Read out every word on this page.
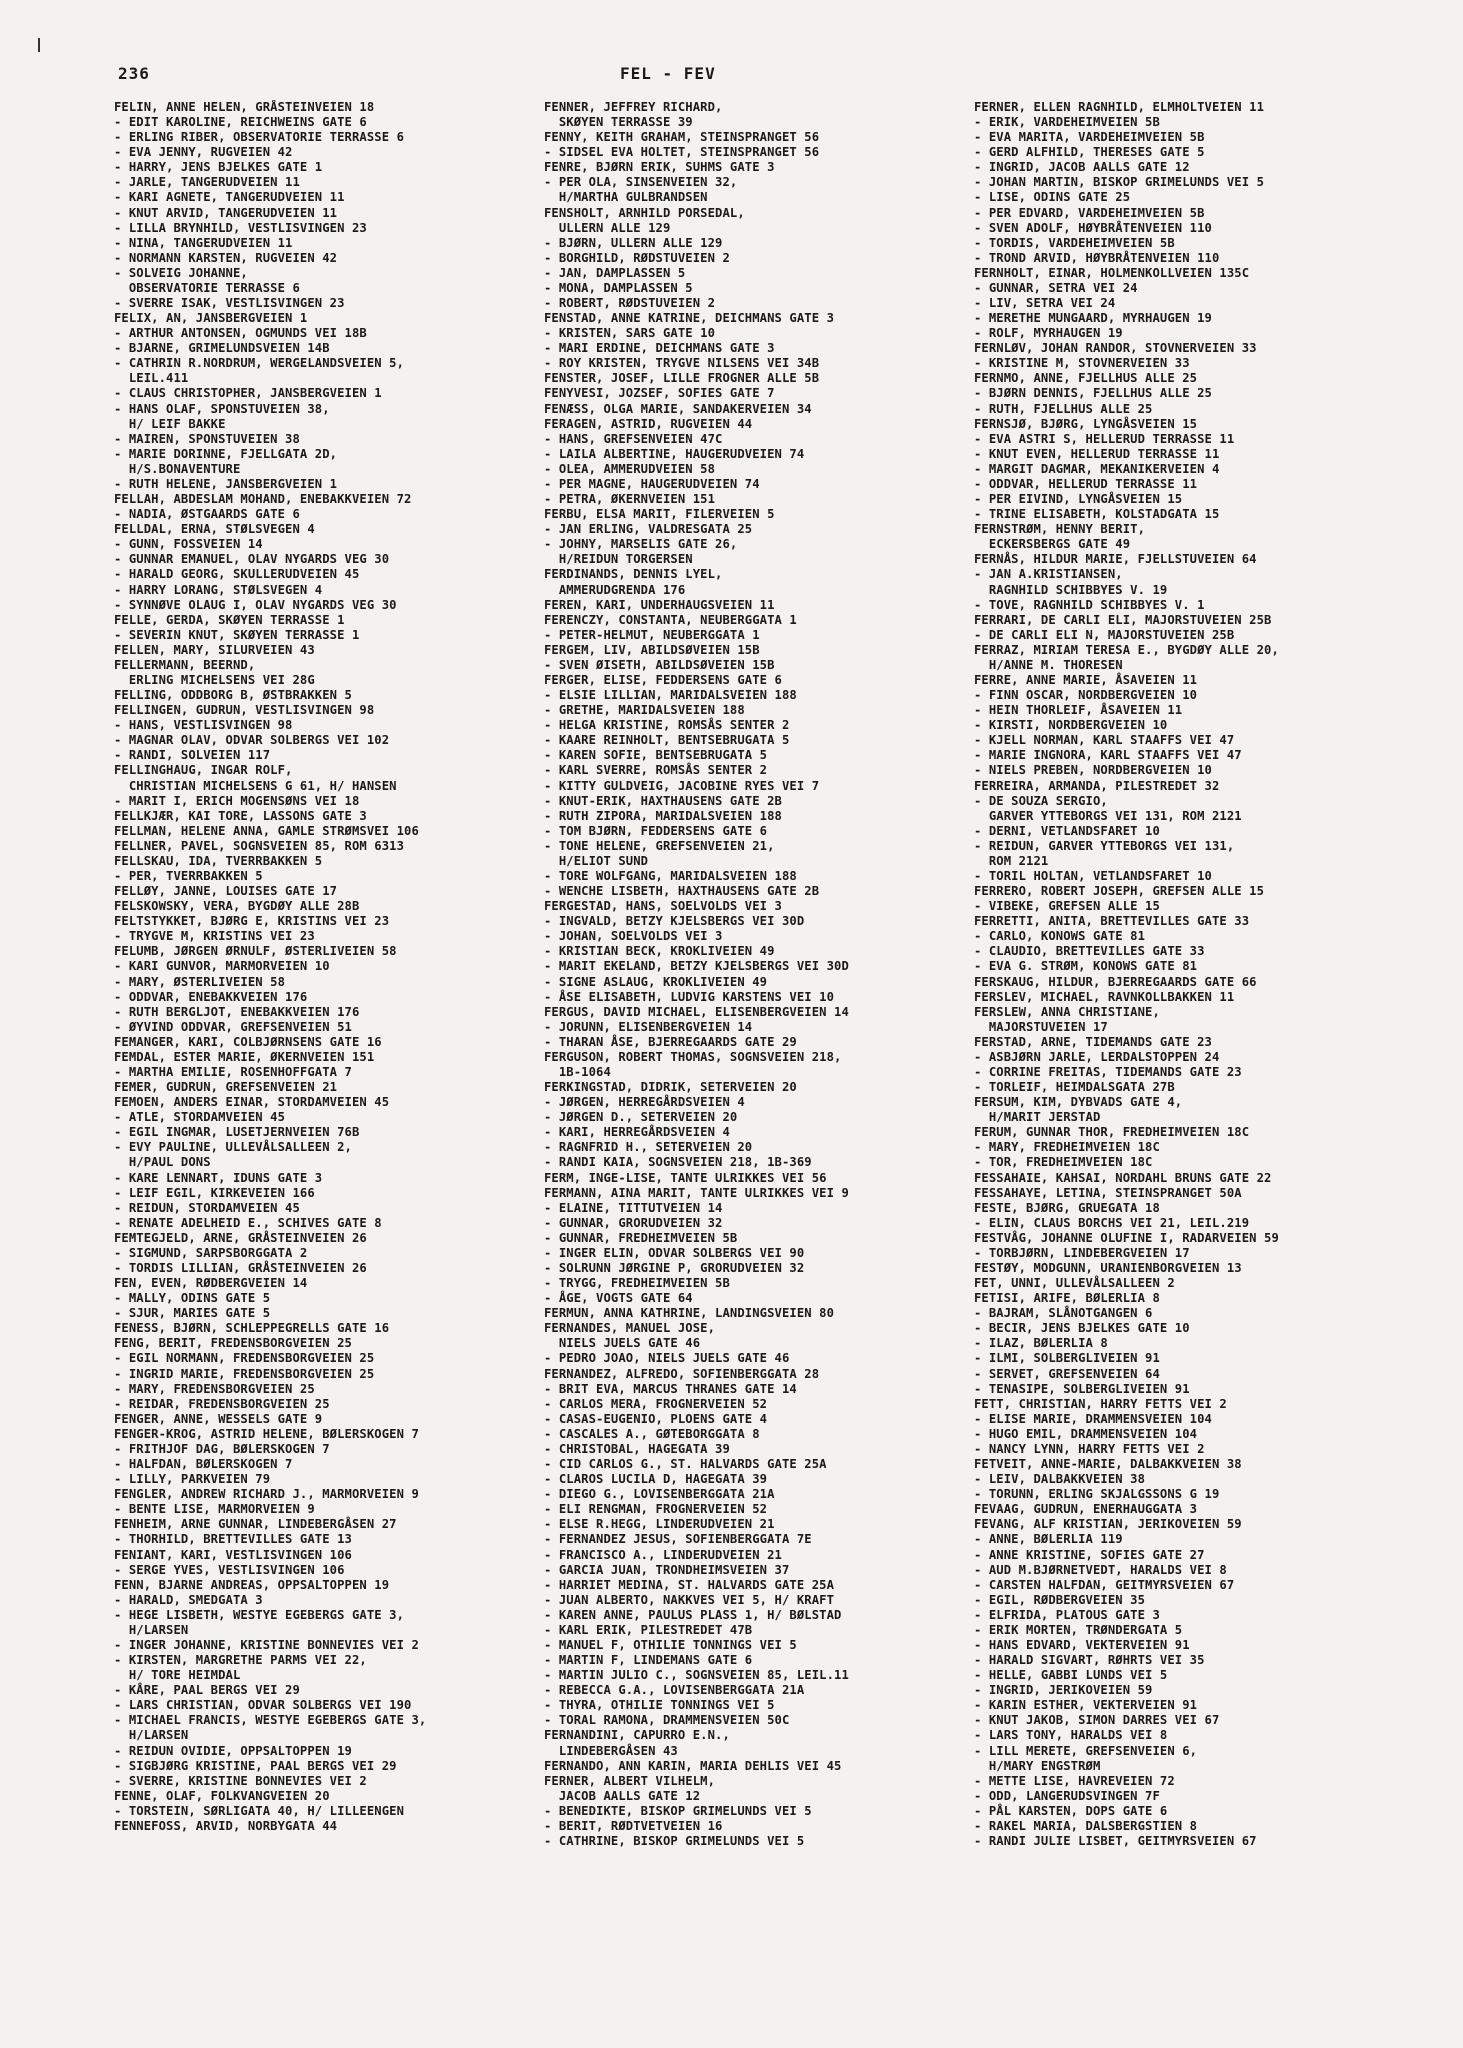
236	FEL - FEV
FELIN, ANNE HELEN, GRÅSTEINVEIEN 18
- EDIT KAROLINE, REICHWEINS GATE 6
- ERLING RIBER, OBSERVATORIE TERRASSE 6
- EVA JENNY, RUGVEIEN 42
- HARRY, JENS BJELKES GATE 1
- JARLE, TANGERUDVEIEN 11
- KARI AGNETE, TANGERUDVEIEN 11
- KNUT ARVID, TANGERUDVEIEN 11
- LILLA BRYNHILD, VESTLISVINGEN 23
- NINA, TANGERUDVEIEN 11
- NORMANN KARSTEN, RUGVEIEN 42
- SOLVEIG JOHANNE,
OBSERVATORIE TERRASSE 6
- SVERRE ISAK, VESTLISVINGEN 23
FELIX, AN, JANSBERGVEIEN 1
- ARTHUR ANTONSEN, OGMUNDS VEI 18B
- BJARNE, GRIMELUNDSVEIEN 14B
- CATHRIN R.NORDRUM, WERGELANDSVEIEN 5,
LEIL.411
- CLAUS CHRISTOPHER, JANSBERGVEIEN 1
- HANS OLAF, SPONSTUVEIEN 38,
H/ LEIF BAKKE
- MAIREN, SPONSTUVEIEN 38
- MARIE DORINNE, FJELLGATA 2D,
H/S.BONAVENTURE
- RUTH HELENE, JANSBERGVEIEN 1
FELLAH, ABDESLAM MOHAND, ENEBAKKVEIEN 72
- NADIA, ØSTGAARDS GATE 6
FELLDAL, ERNA, STØLSVEGEN 4
- GUNN, FOSSVEIEN 14
- GUNNAR EMANUEL, OLAV NYGARDS VEG 30
- HARALD GEORG, SKULLERUDVEIEN 45
- HARRY LORANG, STØLSVEGEN 4
- SYNNØVE OLAUG I, OLAV NYGARDS VEG 30
FELLE, GERDA, SKØYEN TERRASSE 1
- SEVERIN KNUT, SKØYEN TERRASSE 1
FELLEN, MARY, SILURVEIEN 43
FELLERMANN, BEERND,
ERLING MICHELSENS VEI 28G
FELLING, ODDBORG B, ØSTBRAKKEN 5
FELLINGEN, GUDRUN, VESTLISVINGEN 98
- HANS, VESTLISVINGEN 98
- MAGNAR OLAV, ODVAR SOLBERGS VEI 102
- RANDI, SOLVEIEN 117
FELLINGHAUG, INGAR ROLF,
CHRISTIAN MICHELSENS G 61, H/ HANSEN
- MARIT I, ERICH MOGENSØNS VEI 18
FELLKJÆR, KAI TORE, LASSONS GATE 3
FELLMAN, HELENE ANNA, GAMLE STRØMSVEI 106
FELLNER, PAVEL, SOGNSVEIEN 85, ROM 6313
FELLSKAU, IDA, TVERRBAKKEN 5
- PER, TVERRBAKKEN 5
FELLØY, JANNE, LOUISES GATE 17
FELSKOWSKY, VERA, BYGDØY ALLE 28B
FELTSTYKKET, BJØRG E, KRISTINS VEI 23
- TRYGVE M, KRISTINS VEI 23
FELUMB, JØRGEN ØRNULF, ØSTERLIVEIEN 58
- KARI GUNVOR, MARMORVEIEN 10
- MARY, ØSTERLIVEIEN 58
- ODDVAR, ENEBAKKVEIEN 176
- RUTH BERGLJOT, ENEBAKKVEIEN 176
- ØYVIND ODDVAR, GREFSENVEIEN 51
FEMANGER, KARI, COLBJØRNSENS GATE 16
FEMDAL, ESTER MARIE, ØKERNVEIEN 151
- MARTHA EMILIE, ROSENHOFFGATA 7
FEMER, GUDRUN, GREFSENVEIEN 21
FEMOEN, ANDERS EINAR, STORDAMVEIEN 45
- ATLE, STORDAMVEIEN 45
- EGIL INGMAR, LUSETJERNVEIEN 76B
- EVY PAULINE, ULLEVÅLSALLEEN 2,
H/PAUL DONS
- KARE LENNART, IDUNS GATE 3
- LEIF EGIL, KIRKEVEIEN 166
- REIDUN, STORDAMVEIEN 45
- RENATE ADELHEID E., SCHIVES GATE 8
FEMTEGJELD, ARNE, GRÅSTEINVEIEN 26
- SIGMUND, SARPSBORGGATA 2
- TORDIS LILLIAN, GRÅSTEINVEIEN 26
FEN, EVEN, RØDBERGVEIEN 14
- MALLY, ODINS GATE 5
- SJUR, MARIES GATE 5
FENESS, BJØRN, SCHLEPPEGRELLS GATE 16
FENG, BERIT, FREDENSBORGVEIEN 25
- EGIL NORMANN, FREDENSBORGVEIEN 25
- INGRID MARIE, FREDENSBORGVEIEN 25
- MARY, FREDENSBORGVEIEN 25
- REIDAR, FREDENSBORGVEIEN 25
FENGER, ANNE, WESSELS GATE 9
FENGER-KROG, ASTRID HELENE, BØLERSKOGEN 7
- FRITHJOF DAG, BØLERSKOGEN 7
- HALFDAN, BØLERSKOGEN 7
- LILLY, PARKVEIEN 79
FENGLER, ANDREW RICHARD J., MARMORVEIEN 9
- BENTE LISE, MARMORVEIEN 9
FENHEIM, ARNE GUNNAR, LINDEBERGÅSEN 27
- THORHILD, BRETTEVILLES GATE 13
FENIANT, KARI, VESTLISVINGEN 106
- SERGE YVES, VESTLISVINGEN 106
FENN, BJARNE ANDREAS, OPPSALTOPPEN 19
- HARALD, SMEDGATA 3
- HEGE LISBETH, WESTYE EGEBERGS GATE 3,
H/LARSEN
- INGER JOHANNE, KRISTINE BONNEVIES VEI 2
- KIRSTEN, MARGRETHE PARMS VEI 22,
H/ TORE HEIMDAL
- KÅRE, PAAL BERGS VEI 29
- LARS CHRISTIAN, ODVAR SOLBERGS VEI 190
- MICHAEL FRANCIS, WESTYE EGEBERGS GATE 3,
H/LARSEN
- REIDUN OVIDIE, OPPSALTOPPEN 19
- SIGBJØRG KRISTINE, PAAL BERGS VEI 29
- SVERRE, KRISTINE BONNEVIES VEI 2
FENNE, OLAF, FOLKVANGVEIEN 20
- TORSTEIN, SØRLIGATA 40, H/ LILLEENGEN
FENNEFOSS, ARVID, NORBYGATA 44
FENNER, JEFFREY RICHARD,
SKØYEN TERRASSE 39
FENNY, KEITH GRAHAM, STEINSPRANGET 56
- SIDSEL EVA HOLTET, STEINSPRANGET 56
FENRE, BJØRN ERIK, SUHMS GATE 3
- PER OLA, SINSENVEIEN 32,
H/MARTHA GULBRANDSEN
FENSHOLT, ARNHILD PORSEDAL,
ULLERN ALLE 129
- BJØRN, ULLERN ALLE 129
- BORGHILD, RØDSTUVEIEN 2
- JAN, DAMPLASSEN 5
- MONA, DAMPLASSEN 5
- ROBERT, RØDSTUVEIEN 2
FENSTAD, ANNE KATRINE, DEICHMANS GATE 3
- KRISTEN, SARS GATE 10
- MARI ERDINE, DEICHMANS GATE 3
- ROY KRISTEN, TRYGVE NILSENS VEI 34B
FENSTER, JOSEF, LILLE FROGNER ALLE 5B
FENYVESI, JOZSEF, SOFIES GATE 7
FENÆSS, OLGA MARIE, SANDAKERVEIEN 34
FERAGEN, ASTRID, RUGVEIEN 44
- HANS, GREFSENVEIEN 47C
- LAILA ALBERTINE, HAUGERUDVEIEN 74
- OLEA, AMMERUDVEIEN 58
- PER MAGNE, HAUGERUDVEIEN 74
- PETRA, ØKERNVEIEN 151
FERBU, ELSA MARIT, FILERVEIEN 5
- JAN ERLING, VALDRESGATA 25
- JOHNY, MARSELIS GATE 26,
H/REIDUN TORGERSEN
FERDINANDS, DENNIS LYEL,
AMMERUDGRENDA 176
FEREN, KARI, UNDERHAUGSVEIEN 11
FERENCZY, CONSTANTA, NEUBERGGATA 1
- PETER-HELMUT, NEUBERGGATA 1
FERGEM, LIV, ABILDSØVEIEN 15B
- SVEN ØISETH, ABILDSØVEIEN 15B
FERGER, ELISE, FEDDERSENS GATE 6
- ELSIE LILLIAN, MARIDALSVEIEN 188
- GRETHE, MARIDALSVEIEN 188
- HELGA KRISTINE, ROMSÅS SENTER 2
- KAARE REINHOLT, BENTSEBRUGATA 5
- KAREN SOFIE, BENTSEBRUGATA 5
- KARL SVERRE, ROMSÅS SENTER 2
- KITTY GULDVEIG, JACOBINE RYES VEI 7
- KNUT-ERIK, HAXTHAUSENS GATE 2B
- RUTH ZIPORA, MARIDALSVEIEN 188
- TOM BJØRN, FEDDERSENS GATE 6
- TONE HELENE, GREFSENVEIEN 21,
H/ELIOT SUND
- TORE WOLFGANG, MARIDALSVEIEN 188
- WENCHE LISBETH, HAXTHAUSENS GATE 2B
FERGESTAD, HANS, SOELVOLDS VEI 3
- INGVALD, BETZY KJELSBERGS VEI 30D
- JOHAN, SOELVOLDS VEI 3
- KRISTIAN BECK, KROKLIVEIEN 49
- MARIT EKELAND, BETZY KJELSBERGS VEI 30D
- SIGNE ASLAUG, KROKLIVEIEN 49
- ÅSE ELISABETH, LUDVIG KARSTENS VEI 10
FERGUS, DAVID MICHAEL, ELISENBERGVEIEN 14
- JORUNN, ELISENBERGVEIEN 14
- THARAN ÅSE, BJERREGAARDS GATE 29
FERGUSON, ROBERT THOMAS, SOGNSVEIEN 218,
1B-1064
FERKINGSTAD, DIDRIK, SETERVEIEN 20
- JØRGEN, HERREGÅRDSVEIEN 4
- JØRGEN D., SETERVEIEN 20
- KARI, HERREGÅRDSVEIEN 4
- RAGNFRID H., SETERVEIEN 20
- RANDI KAIA, SOGNSVEIEN 218, 1B-369
FERM, INGE-LISE, TANTE ULRIKKES VEI 56
FERMANN, AINA MARIT, TANTE ULRIKKES VEI 9
- ELAINE, TITTUTVEIEN 14
- GUNNAR, GRORUDVEIEN 32
- GUNNAR, FREDHEIMVEIEN 5B
- INGER ELIN, ODVAR SOLBERGS VEI 90
- SOLRUNN JØRGINE P, GRORUDVEIEN 32
- TRYGG, FREDHEIMVEIEN 5B
- ÅGE, VOGTS GATE 64
FERMUN, ANNA KATHRINE, LANDINGSVEIEN 80
FERNANDES, MANUEL JOSE,
NIELS JUELS GATE 46
- PEDRO JOAO, NIELS JUELS GATE 46
FERNANDEZ, ALFREDO, SOFIENBERGGATA 28
- BRIT EVA, MARCUS THRANES GATE 14
- CARLOS MERA, FROGNERVEIEN 52
- CASAS-EUGENIO, PLOENS GATE 4
- CASCALES A., GØTEBORGGATA 8
- CHRISTOBAL, HAGEGATA 39
- CID CARLOS G., ST. HALVARDS GATE 25A
- CLAROS LUCILA D, HAGEGATA 39
- DIEGO G., LOVISENBERGGATA 21A
- ELI RENGMAN, FROGNERVEIEN 52
- ELSE R.HEGG, LINDERUDVEIEN 21
- FERNANDEZ JESUS, SOFIENBERGGATA 7E
- FRANCISCO A., LINDERUDVEIEN 21
- GARCIA JUAN, TRONDHEIMSVEIEN 37
- HARRIET MEDINA, ST. HALVARDS GATE 25A
- JUAN ALBERTO, NAKKVES VEI 5, H/ KRAFT
- KAREN ANNE, PAULUS PLASS 1, H/ BØLSTAD
- KARL ERIK, PILESTREDET 47B
- MANUEL F, OTHILIE TONNINGS VEI 5
- MARTIN F, LINDEMANS GATE 6
- MARTIN JULIO C., SOGNSVEIEN 85, LEIL.11
- REBECCA G.A., LOVISENBERGGATA 21A
- THYRA, OTHILIE TONNINGS VEI 5
- TORAL RAMONA, DRAMMENSVEIEN 50C
FERNANDINI, CAPURRO E.N.,
LINDEBERGÅSEN 43
FERNANDO, ANN KARIN, MARIA DEHLIS VEI 45
FERNER, ALBERT VILHELM,
JACOB AALLS GATE 12
- BENEDIKTE, BISKOP GRIMELUNDS VEI 5
- BERIT, RØDTVETVEIEN 16
- CATHRINE, BISKOP GRIMELUNDS VEI 5
FERNER, ELLEN RAGNHILD, ELMHOLTVEIEN 11
- ERIK, VARDEHEIMVEIEN 5B
- EVA MARITA, VARDEHEIMVEIEN 5B
- GERD ALFHILD, THERESES GATE 5
- INGRID, JACOB AALLS GATE 12
- JOHAN MARTIN, BISKOP GRIMELUNDS VEI 5
- LISE, ODINS GATE 25
- PER EDVARD, VARDEHEIMVEIEN 5B
- SVEN ADOLF, HØYBRÅTENVEIEN 110
- TORDIS, VARDEHEIMVEIEN 5B
- TROND ARVID, HØYBRÅTENVEIEN 110
FERNHOLT, EINAR, HOLMENKOLLVEIEN 135C
- GUNNAR, SETRA VEI 24
- LIV, SETRA VEI 24
- MERETHE MUNGAARD, MYRHAUGEN 19
- ROLF, MYRHAUGEN 19
FERNLØV, JOHAN RANDOR, STOVNERVEIEN 33
- KRISTINE M, STOVNERVEIEN 33
FERNMO, ANNE, FJELLHUS ALLE 25
- BJØRN DENNIS, FJELLHUS ALLE 25
- RUTH, FJELLHUS ALLE 25
FERNSJØ, BJØRG, LYNGÅSVEIEN 15
- EVA ASTRI S, HELLERUD TERRASSE 11
- KNUT EVEN, HELLERUD TERRASSE 11
- MARGIT DAGMAR, MEKANIKERVEIEN 4
- ODDVAR, HELLERUD TERRASSE 11
- PER EIVIND, LYNGÅSVEIEN 15
- TRINE ELISABETH, KOLSTADGATA 15
FERNSTRØM, HENNY BERIT,
ECKERSBERGS GATE 49
FERNÅS, HILDUR MARIE, FJELLSTUVEIEN 64
- JAN A.KRISTIANSEN,
RAGNHILD SCHIBBYES V. 19
- TOVE, RAGNHILD SCHIBBYES V. 1
FERRARI, DE CARLI ELI, MAJORSTUVEIEN 25B
- DE CARLI ELI N, MAJORSTUVEIEN 25B
FERRAZ, MIRIAM TERESA E., BYGDØY ALLE 20,
H/ANNE M. THORESEN
FERRE, ANNE MARIE, ÅSAVEIEN 11
- FINN OSCAR, NORDBERGVEIEN 10
- HEIN THORLEIF, ÅSAVEIEN 11
- KIRSTI, NORDBERGVEIEN 10
- KJELL NORMAN, KARL STAAFFS VEI 47
- MARIE INGNORA, KARL STAAFFS VEI 47
- NIELS PREBEN, NORDBERGVEIEN 10
FERREIRA, ARMANDA, PILESTREDET 32
- DE SOUZA SERGIO,
GARVER YTTEBORGS VEI 131, ROM 2121
- DERNI, VETLANDSFARET 10
- REIDUN, GARVER YTTEBORGS VEI 131,
ROM 2121
- TORIL HOLTAN, VETLANDSFARET 10
FERRERO, ROBERT JOSEPH, GREFSEN ALLE 15
- VIBEKE, GREFSEN ALLE 15
FERRETTI, ANITA, BRETTEVILLES GATE 33
- CARLO, KONOWS GATE 81
- CLAUDIO, BRETTEVILLES GATE 33
- EVA G. STRØM, KONOWS GATE 81
FERSKAUG, HILDUR, BJERREGAARDS GATE 66
FERSLEV, MICHAEL, RAVNKOLLBAKKEN 11
FERSLEW, ANNA CHRISTIANE,
MAJORSTUVEIEN 17
FERSTAD, ARNE, TIDEMANDS GATE 23
- ASBJØRN JARLE, LERDALSTOPPEN 24
- CORRINE FREITAS, TIDEMANDS GATE 23
- TORLEIF, HEIMDALSGATA 27B
FERSUM, KIM, DYBVADS GATE 4,
H/MARIT JERSTAD
FERUM, GUNNAR THOR, FREDHEIMVEIEN 18C
- MARY, FREDHEIMVEIEN 18C
- TOR, FREDHEIMVEIEN 18C
FESSAHAIE, KAHSAI, NORDAHL BRUNS GATE 22
FESSAHAYE, LETINA, STEINSPRANGET 50A
FESTE, BJØRG, GRUEGATA 18
- ELIN, CLAUS BORCHS VEI 21, LEIL.219
FESTVÅG, JOHANNE OLUFINE I, RADARVEIEN 59
- TORBJØRN, LINDEBERGVEIEN 17
FESTØY, MODGUNN, URANIENBORGVEIEN 13
FET, UNNI, ULLEVÅLSALLEEN 2
FETISI, ARIFE, BØLERLIA 8
- BAJRAM, SLÅNOTGANGEN 6
- BECIR, JENS BJELKES GATE 10
- ILAZ, BØLERLIA 8
- ILMI, SOLBERGLIVEIEN 91
- SERVET, GREFSENVEIEN 64
- TENASIPE, SOLBERGLIVEIEN 91
FETT, CHRISTIAN, HARRY FETTS VEI 2
- ELISE MARIE, DRAMMENSVEIEN 104
- HUGO EMIL, DRAMMENSVEIEN 104
- NANCY LYNN, HARRY FETTS VEI 2
FETVEIT, ANNE-MARIE, DALBAKKVEIEN 38
- LEIV, DALBAKKVEIEN 38
- TORUNN, ERLING SKJALGSSONS G 19
FEVAAG, GUDRUN, ENERHAUGGATA 3
FEVANG, ALF KRISTIAN, JERIKOVEIEN 59
- ANNE, BØLERLIA 119
- ANNE KRISTINE, SOFIES GATE 27
- AUD M.BJØRNETVEDT, HARALDS VEI 8
- CARSTEN HALFDAN, GEITMYRSVEIEN 67
- EGIL, RØDBERGVEIEN 35
- ELFRIDA, PLATOUS GATE 3
- ERIK MORTEN, TRØNDERGATA 5
- HANS EDVARD, VEKTERVEIEN 91
- HARALD SIGVART, RØHRTS VEI 35
- HELLE, GABBI LUNDS VEI 5
- INGRID, JERIKOVEIEN 59
- KARIN ESTHER, VEKTERVEIEN 91
- KNUT JAKOB, SIMON DARRES VEI 67
- LARS TONY, HARALDS VEI 8
- LILL MERETE, GREFSENVEIEN 6,
H/MARY ENGSTRØM
- METTE LISE, HAVREVEIEN 72
- ODD, LANGERUDSVINGEN 7F
- PÅL KARSTEN, DOPS GATE 6
- RAKEL MARIA, DALSBERGSTIEN 8
- RANDI JULIE LISBET, GEITMYRSVEIEN 67
